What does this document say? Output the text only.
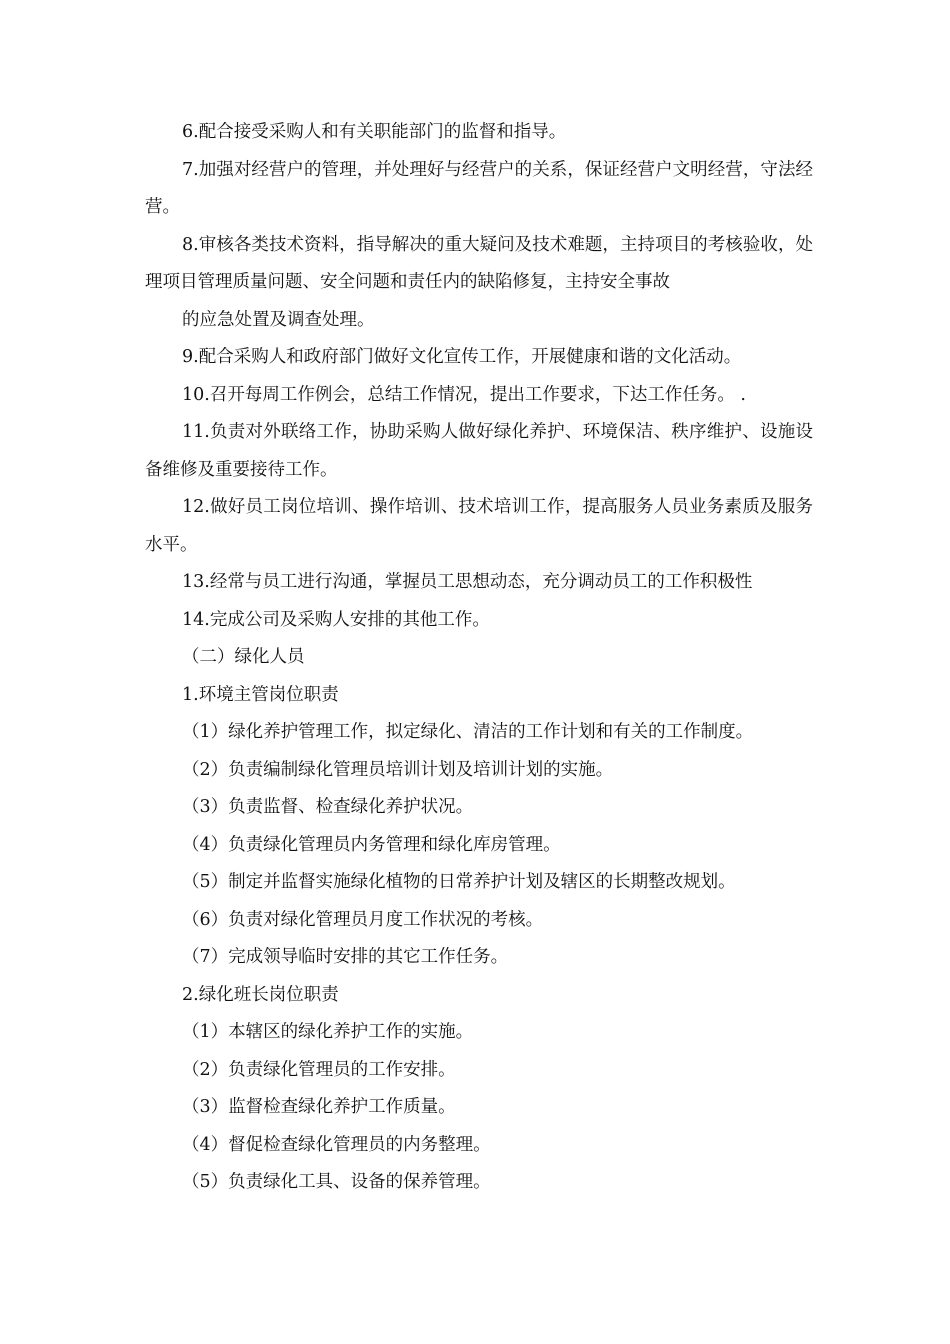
6.配合接受采购人和有关职能部门的监督和指导。

7.加强对经营户的管理，并处理好与经营户的关系，保证经营户文明经营，守法经营。

8.审核各类技术资料，指导解决的重大疑问及技术难题，主持项目的考核验收，处理项目管理质量问题、安全问题和责任内的缺陷修复，主持安全事故

的应急处置及调查处理。

9.配合采购人和政府部门做好文化宣传工作，开展健康和谐的文化活动。

10.召开每周工作例会，总结工作情况，提出工作要求，下达工作任务。 .

11.负责对外联络工作，协助采购人做好绿化养护、环境保洁、秩序维护、设施设备维修及重要接待工作。

12.做好员工岗位培训、操作培训、技术培训工作，提高服务人员业务素质及服务水平。

13.经常与员工进行沟通，掌握员工思想动态，充分调动员工的工作积极性

14.完成公司及采购人安排的其他工作。

（二）绿化人员

1.环境主管岗位职责

（1）绿化养护管理工作，拟定绿化、清洁的工作计划和有关的工作制度。

（2）负责编制绿化管理员培训计划及培训计划的实施。

（3）负责监督、检查绿化养护状况。

（4）负责绿化管理员内务管理和绿化库房管理。

（5）制定并监督实施绿化植物的日常养护计划及辖区的长期整改规划。

（6）负责对绿化管理员月度工作状况的考核。

（7）完成领导临时安排的其它工作任务。

2.绿化班长岗位职责

（1）本辖区的绿化养护工作的实施。

（2）负责绿化管理员的工作安排。

（3）监督检查绿化养护工作质量。

（4）督促检查绿化管理员的内务整理。

（5）负责绿化工具、设备的保养管理。
